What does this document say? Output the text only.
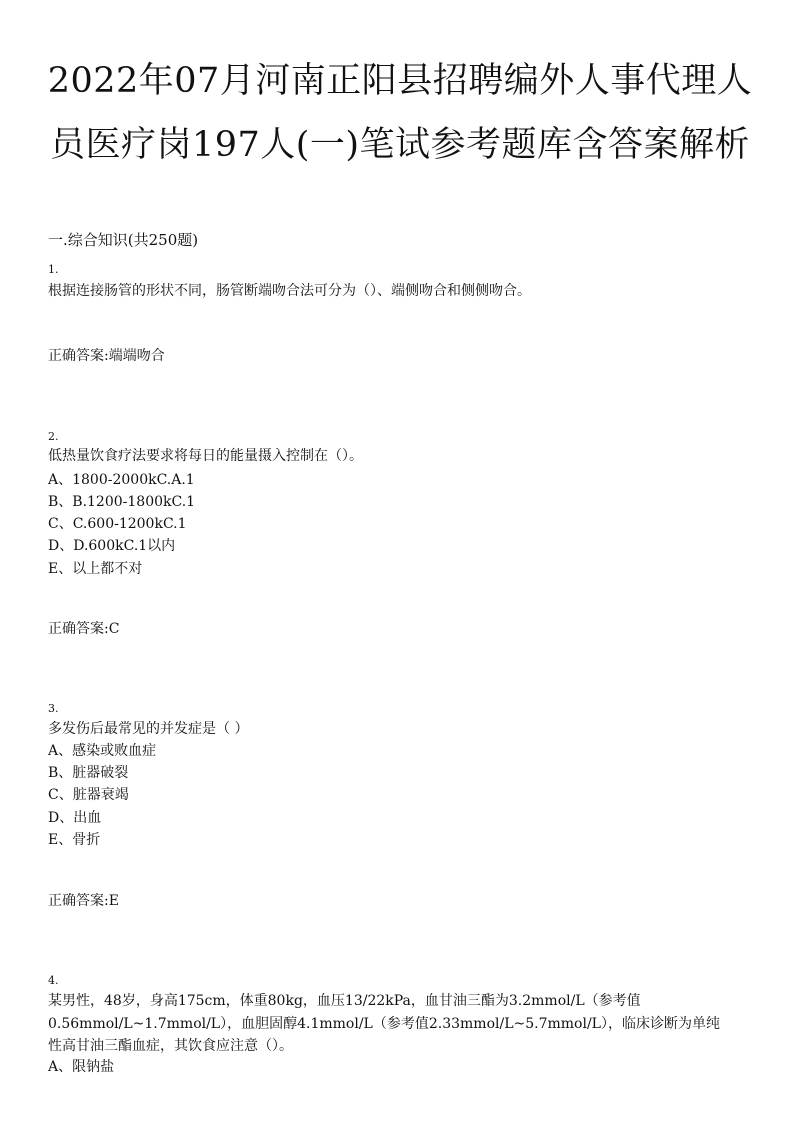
2022年07月河南正阳县招聘编外人事代理人
员医疗岗197人(一)笔试参考题库含答案解析
一.综合知识(共250题)
1.
根据连接肠管的形状不同，肠管断端吻合法可分为（）、端侧吻合和侧侧吻合。
正确答案:端端吻合
2.
低热量饮食疗法要求将每日的能量摄入控制在（）。
A、1800-2000kC.A.1
B、B.1200-1800kC.1
C、C.600-1200kC.1
D、D.600kC.1以内
E、以上都不对
正确答案:C
3.
多发伤后最常见的并发症是（ ）
A、感染或败血症
B、脏器破裂
C、脏器衰竭
D、出血
E、骨折
正确答案:E
4.
某男性，48岁，身高175cm，体重80kg，血压13/22kPa，血甘油三酯为3.2mmol/L（参考值
0.56mmol/L~1.7mmol/L），血胆固醇4.1mmol/L（参考值2.33mmol/L~5.7mmol/L），临床诊断为单纯
性高甘油三酯血症，其饮食应注意（）。
A、限钠盐
